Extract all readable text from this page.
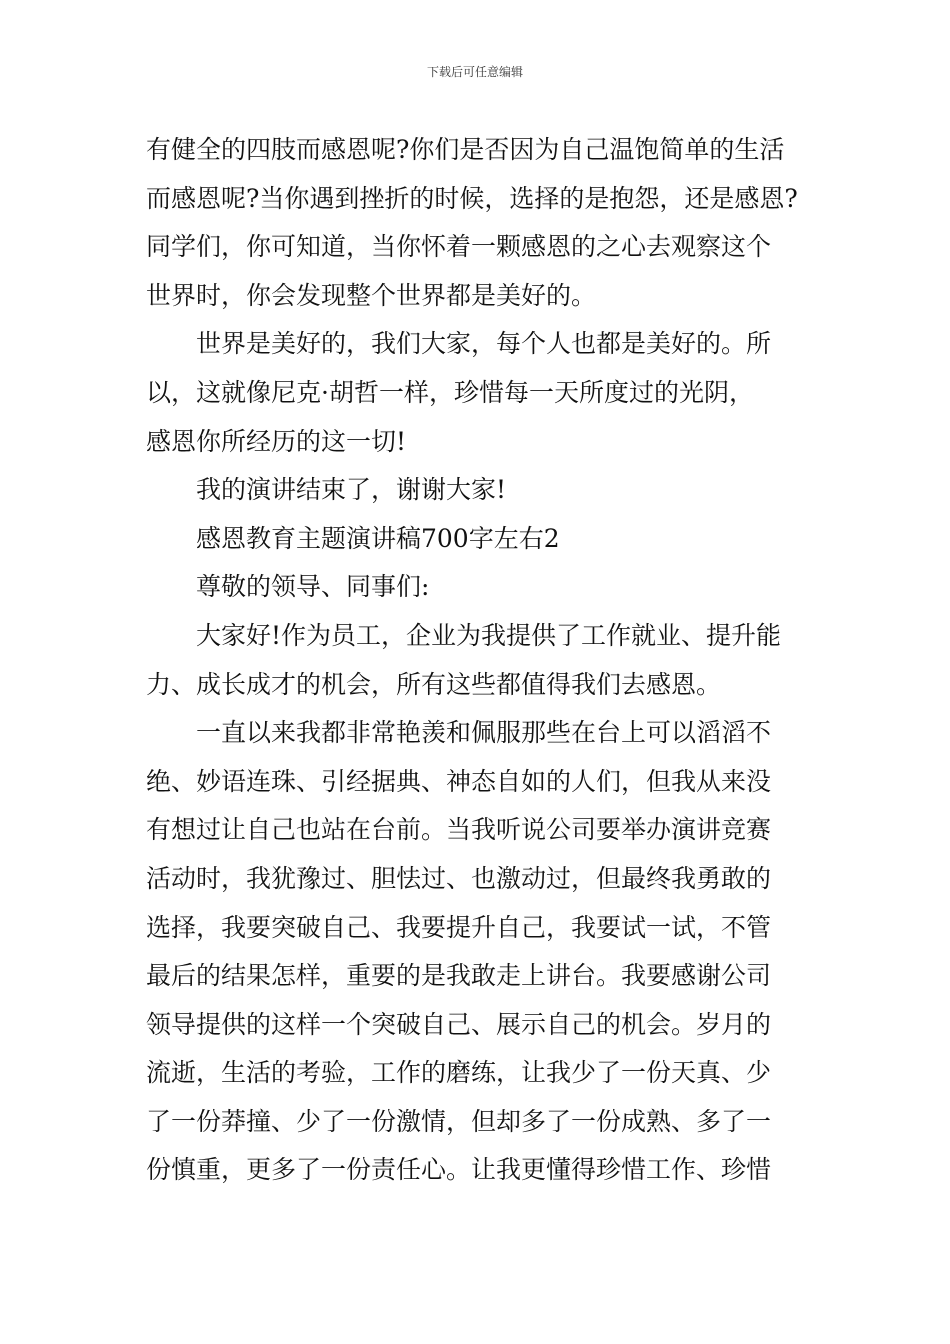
下载后可任意编辑
有健全的四肢而感恩呢?你们是否因为自己温饱简单的生活
而感恩呢?当你遇到挫折的时候，选择的是抱怨，还是感恩?
同学们，你可知道，当你怀着一颗感恩的之心去观察这个
世界时，你会发现整个世界都是美好的。
世界是美好的，我们大家，每个人也都是美好的。所
以，这就像尼克·胡哲一样，珍惜每一天所度过的光阴，
感恩你所经历的这一切!
我的演讲结束了，谢谢大家!
感恩教育主题演讲稿700字左右2
尊敬的领导、同事们:
大家好!作为员工，企业为我提供了工作就业、提升能
力、成长成才的机会，所有这些都值得我们去感恩。
一直以来我都非常艳羡和佩服那些在台上可以滔滔不
绝、妙语连珠、引经据典、神态自如的人们，但我从来没
有想过让自己也站在台前。当我听说公司要举办演讲竞赛
活动时，我犹豫过、胆怯过、也激动过，但最终我勇敢的
选择，我要突破自己、我要提升自己，我要试一试，不管
最后的结果怎样，重要的是我敢走上讲台。我要感谢公司
领导提供的这样一个突破自己、展示自己的机会。岁月的
流逝，生活的考验，工作的磨练，让我少了一份天真、少
了一份莽撞、少了一份激情，但却多了一份成熟、多了一
份慎重，更多了一份责任心。让我更懂得珍惜工作、珍惜
